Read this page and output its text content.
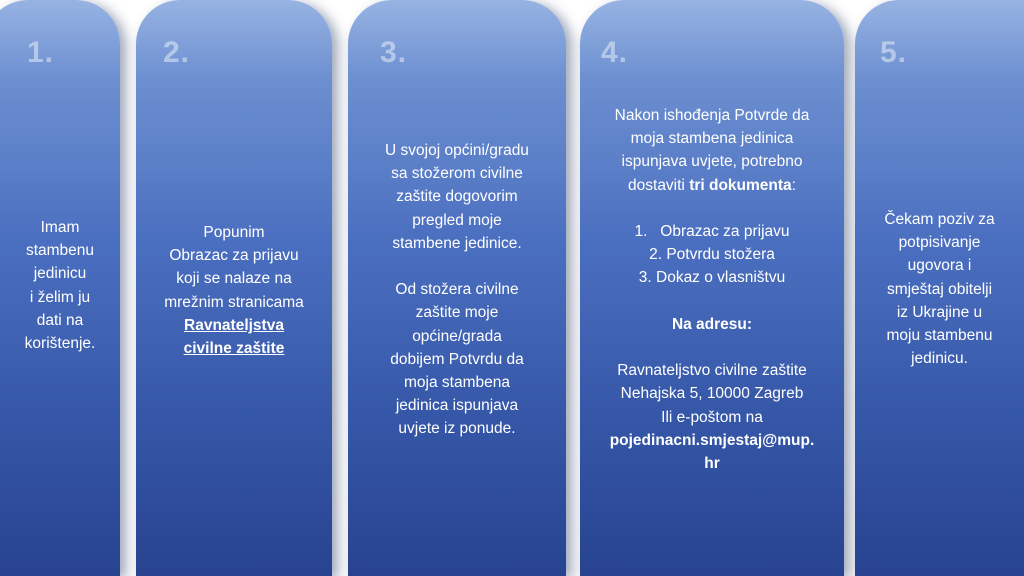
1.
Imam
stambenu
jedinicu
i želim ju
dati na
korištenje.
2.
Popunim
Obrazac za prijavu
koji se nalaze na
mrežnim stranicama
Ravnateljstva
civilne zaštite
3.
U svojoj općini/gradu
sa stožerom civilne
zaštite dogovorim
pregled moje
stambene jedinice.
Od stožera civilne
zaštite moje
općine/grada
dobijem Potvrdu da
moja stambena
jedinica ispunjava
uvjete iz ponude.
4.
Nakon ishođenja Potvrde da
moja stambena jedinica
ispunjava uvjete, potrebno
dostaviti tri dokumenta:
1.   Obrazac za prijavu
2. Potvrdu stožera
3. Dokaz o vlasništvu
Na adresu:
Ravnateljstvo civilne zaštite
Nehajska 5, 10000 Zagreb
Ili e-poštom na
pojedinacni.smjestaj@mup.
hr
5.
Čekam poziv za
potpisivanje
ugovora i
smještaj obitelji
iz Ukrajine u
moju stambenu
jedinicu.
